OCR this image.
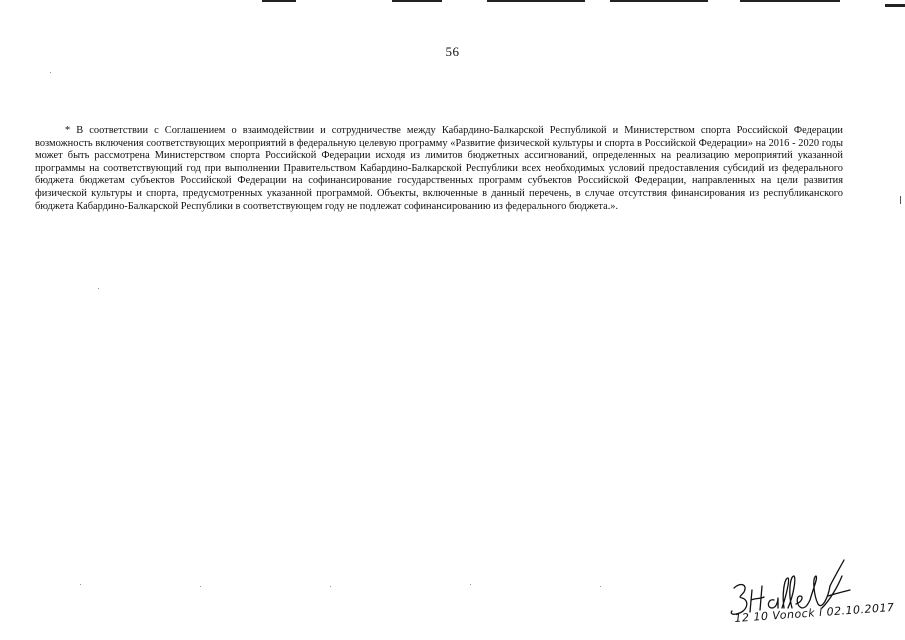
56

* В соответствии с Соглашением о взаимодействии и сотрудничестве между Кабардино-Балкарской Республикой и Министерством спорта Российской Федерации возможность включения соответствующих мероприятий в федеральную целевую программу «Развитие физической культуры и спорта в Российской Федерации» на 2016 - 2020 годы может быть рассмотрена Министерством спорта Российской Федерации исходя из лимитов бюджетных ассигнований, определенных на реализацию мероприятий указанной программы на соответствующий год при выполнении Правительством Кабардино-Балкарской Республики всех необходимых условий предоставления субсидий из федерального бюджета бюджетам субъектов Российской Федерации на софинансирование государственных программ субъектов Российской Федерации, направленных на цели развития физической культуры и спорта, предусмотренных указанной программой. Объекты, включенные в данный перечень, в случае отсутствия финансирования из республиканского бюджета Кабардино-Балкарской Республики в соответствующем году не подлежат софинансированию из федерального бюджета.».

12 10 Vonock l 02.10.2017
